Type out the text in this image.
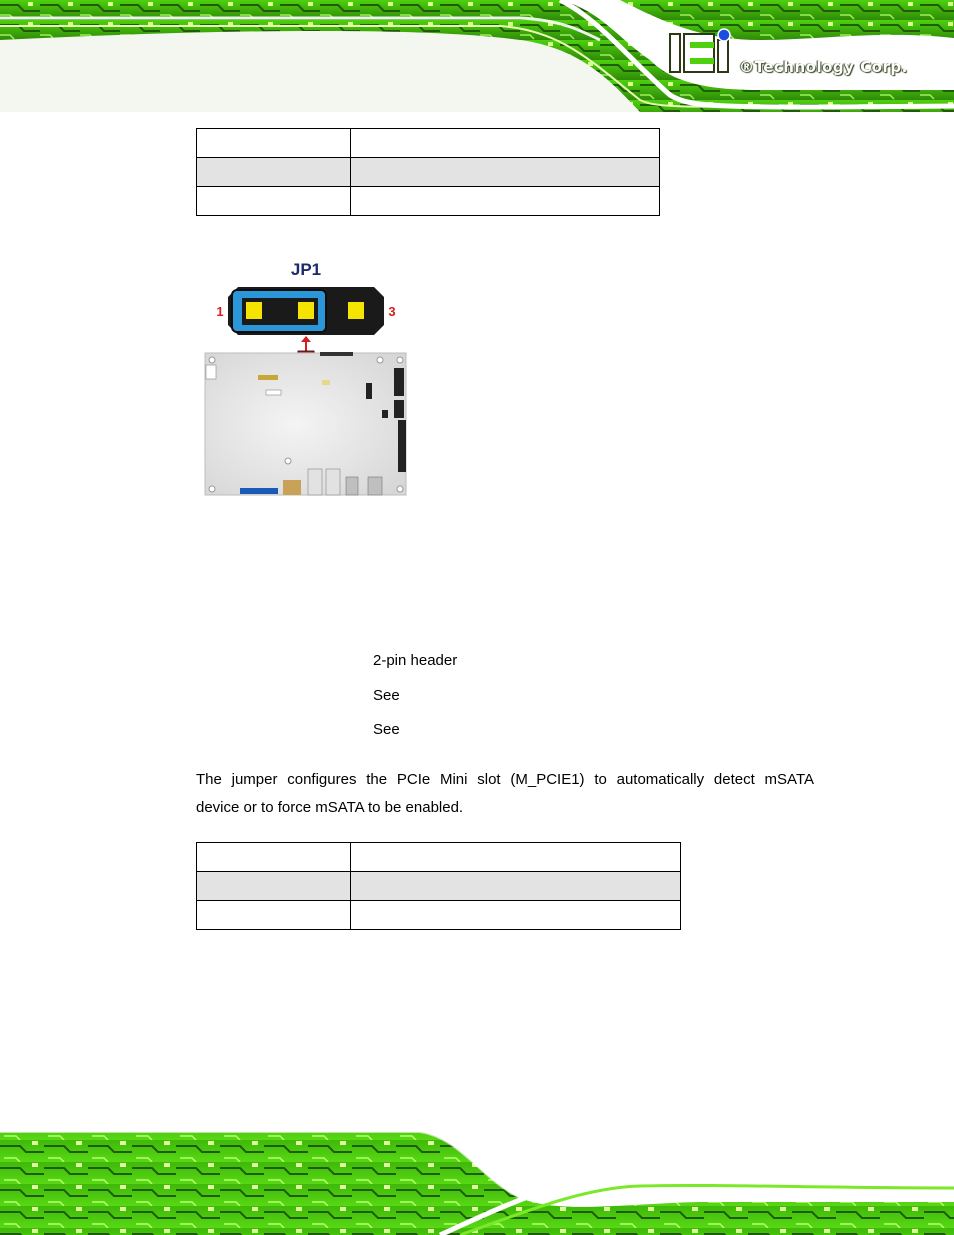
®Technology Corp.

JP1
1	3
2-pin header
See
See
The jumper configures the PCIe Mini slot (M_PCIE1) to automatically detect mSATA
device or to force mSATA to be enabled.
